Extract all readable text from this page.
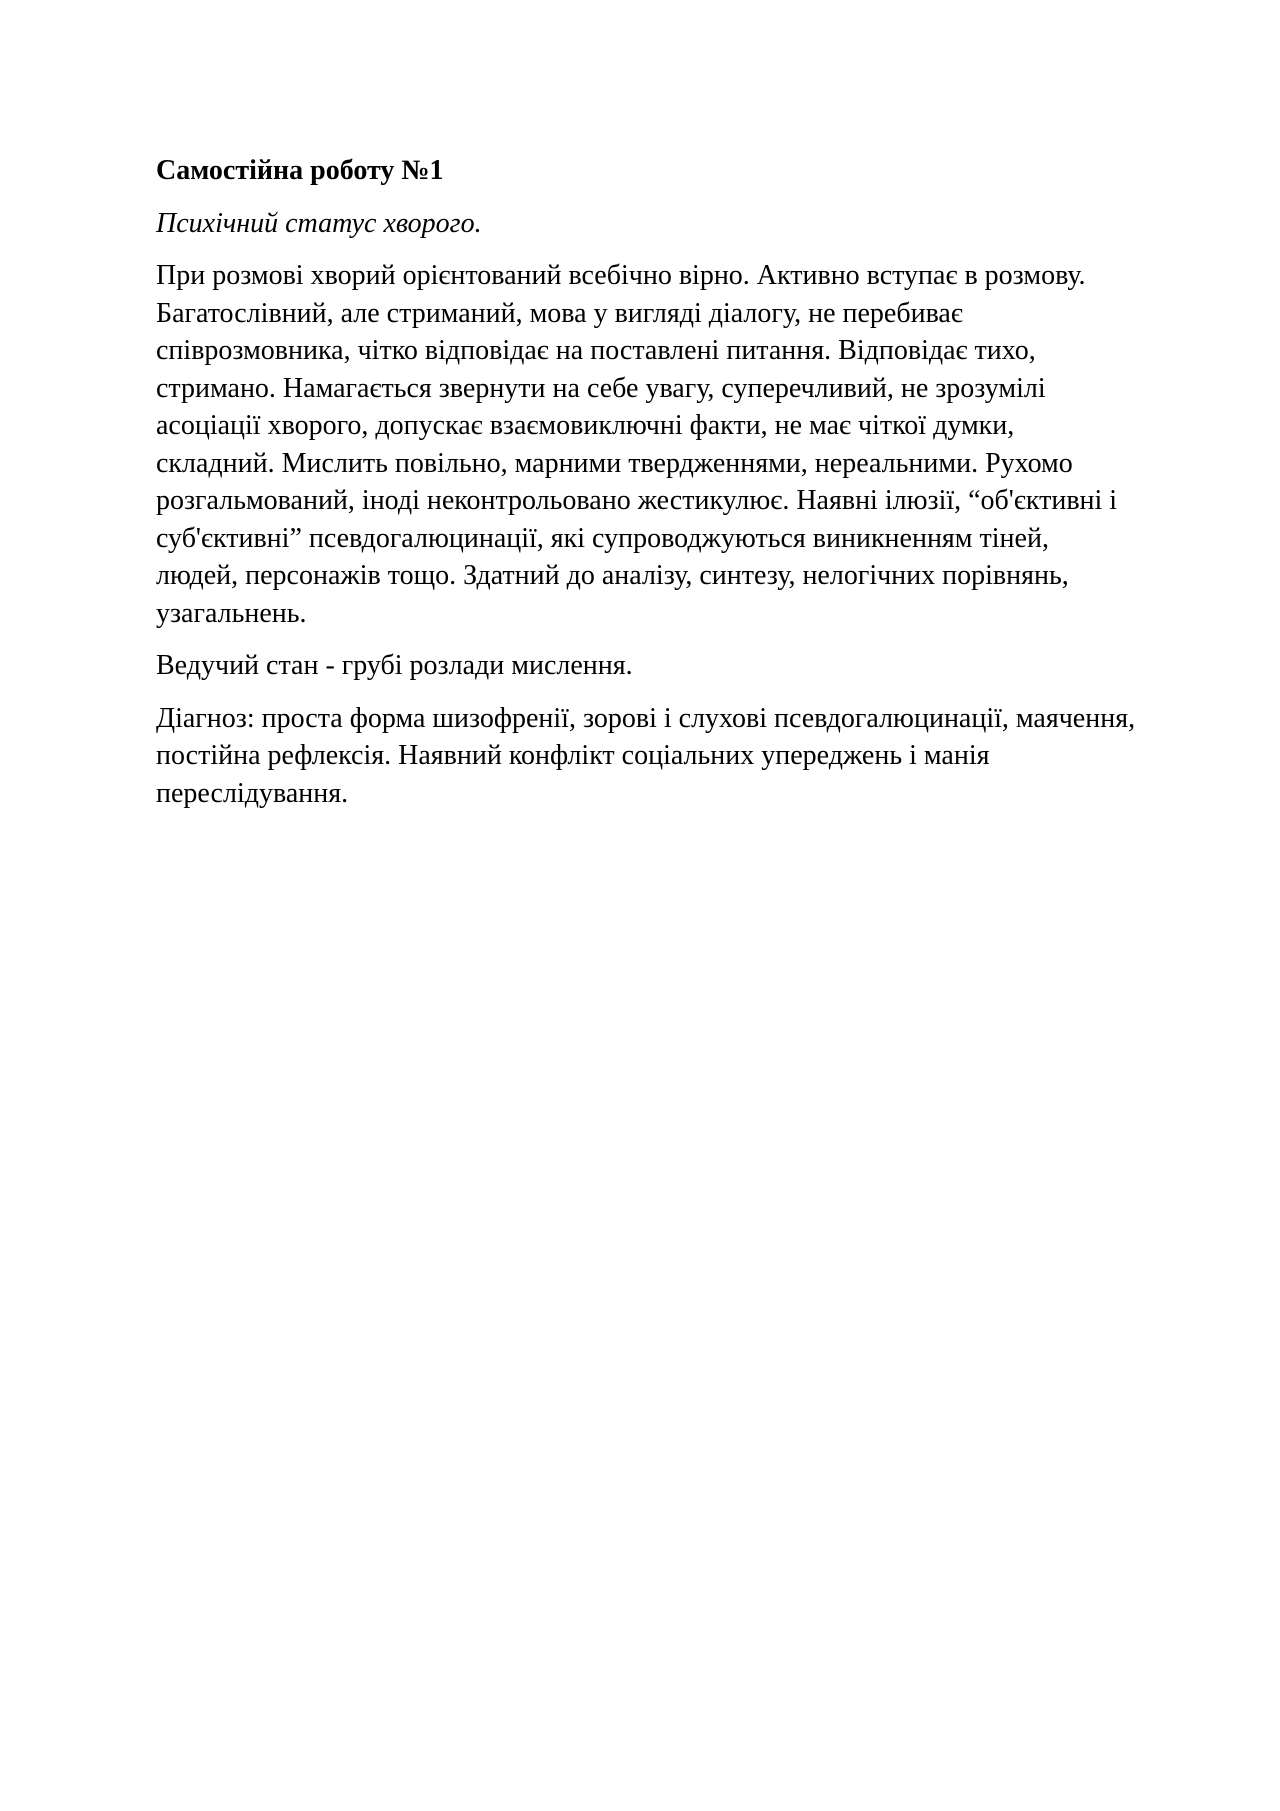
Самостійна роботу №1

Психічний статус хворого.

При розмові хворий орієнтований всебічно вірно. Активно вступає в розмову. Багатослівний, але стриманий, мова у вигляді діалогу, не перебиває співрозмовника, чітко відповідає на поставлені питання. Відповідає тихо, стримано. Намагається звернути на себе увагу, суперечливий, не зрозумілі асоціації хворого, допускає взаємовиключні факти, не має чіткої думки, складний. Мислить повільно, марними твердженнями, нереальними. Рухомо розгальмований, іноді неконтрольовано жестикулює. Наявні ілюзії, “об'єктивні і суб'єктивні” псевдогалюцинації, які супроводжуються виникненням тіней, людей, персонажів тощо. Здатний до аналізу, синтезу, нелогічних порівнянь, узагальнень.

Ведучий стан - грубі розлади мислення.

Діагноз: проста форма шизофренії, зорові і слухові псевдогалюцинації, маячення, постійна рефлексія. Наявний конфлікт соціальних упереджень і манія переслідування.
